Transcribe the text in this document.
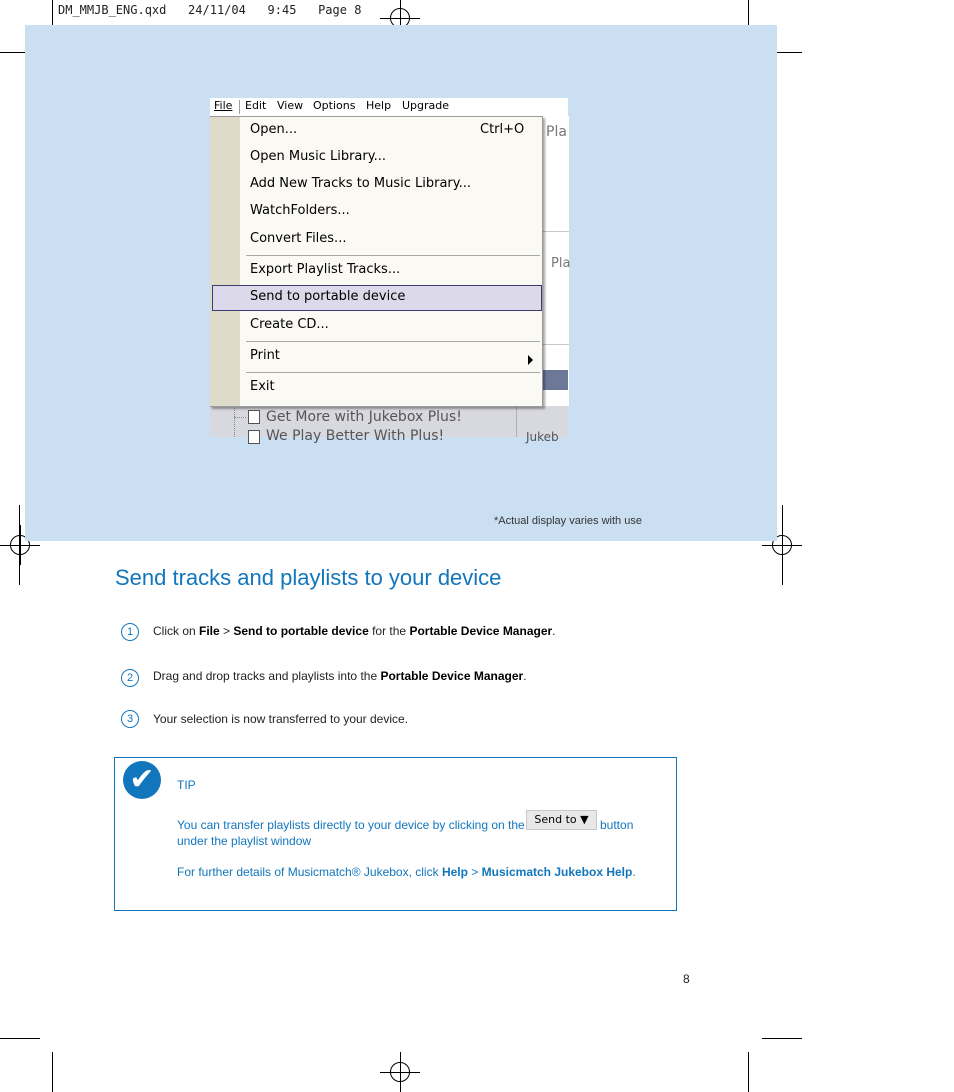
DM_MMJB_ENG.qxd   24/11/04   9:45   Page 8
Pla
Pla
Get More with Jukebox Plus!
We Play Better With Plus!	Jukeb
File Edit View Options Help Upgrade
Open...	Ctrl+O
Open Music Library...
Add New Tracks to Music Library...
WatchFolders...
Convert Files...
Export Playlist Tracks...
Send to portable device
Create CD...
Print
Exit
*Actual display varies with use
Send tracks and playlists to your device
1	Click on File > Send to portable device for the Portable Device Manager.
2	Drag and drop tracks and playlists into the Portable Device Manager.
3	Your selection is now transferred to your device.
✔	TIP
You can transfer playlists directly to your device by clicking on the Send to ▼ button
under the playlist window
For further details of Musicmatch® Jukebox, click Help > Musicmatch Jukebox Help.
8
